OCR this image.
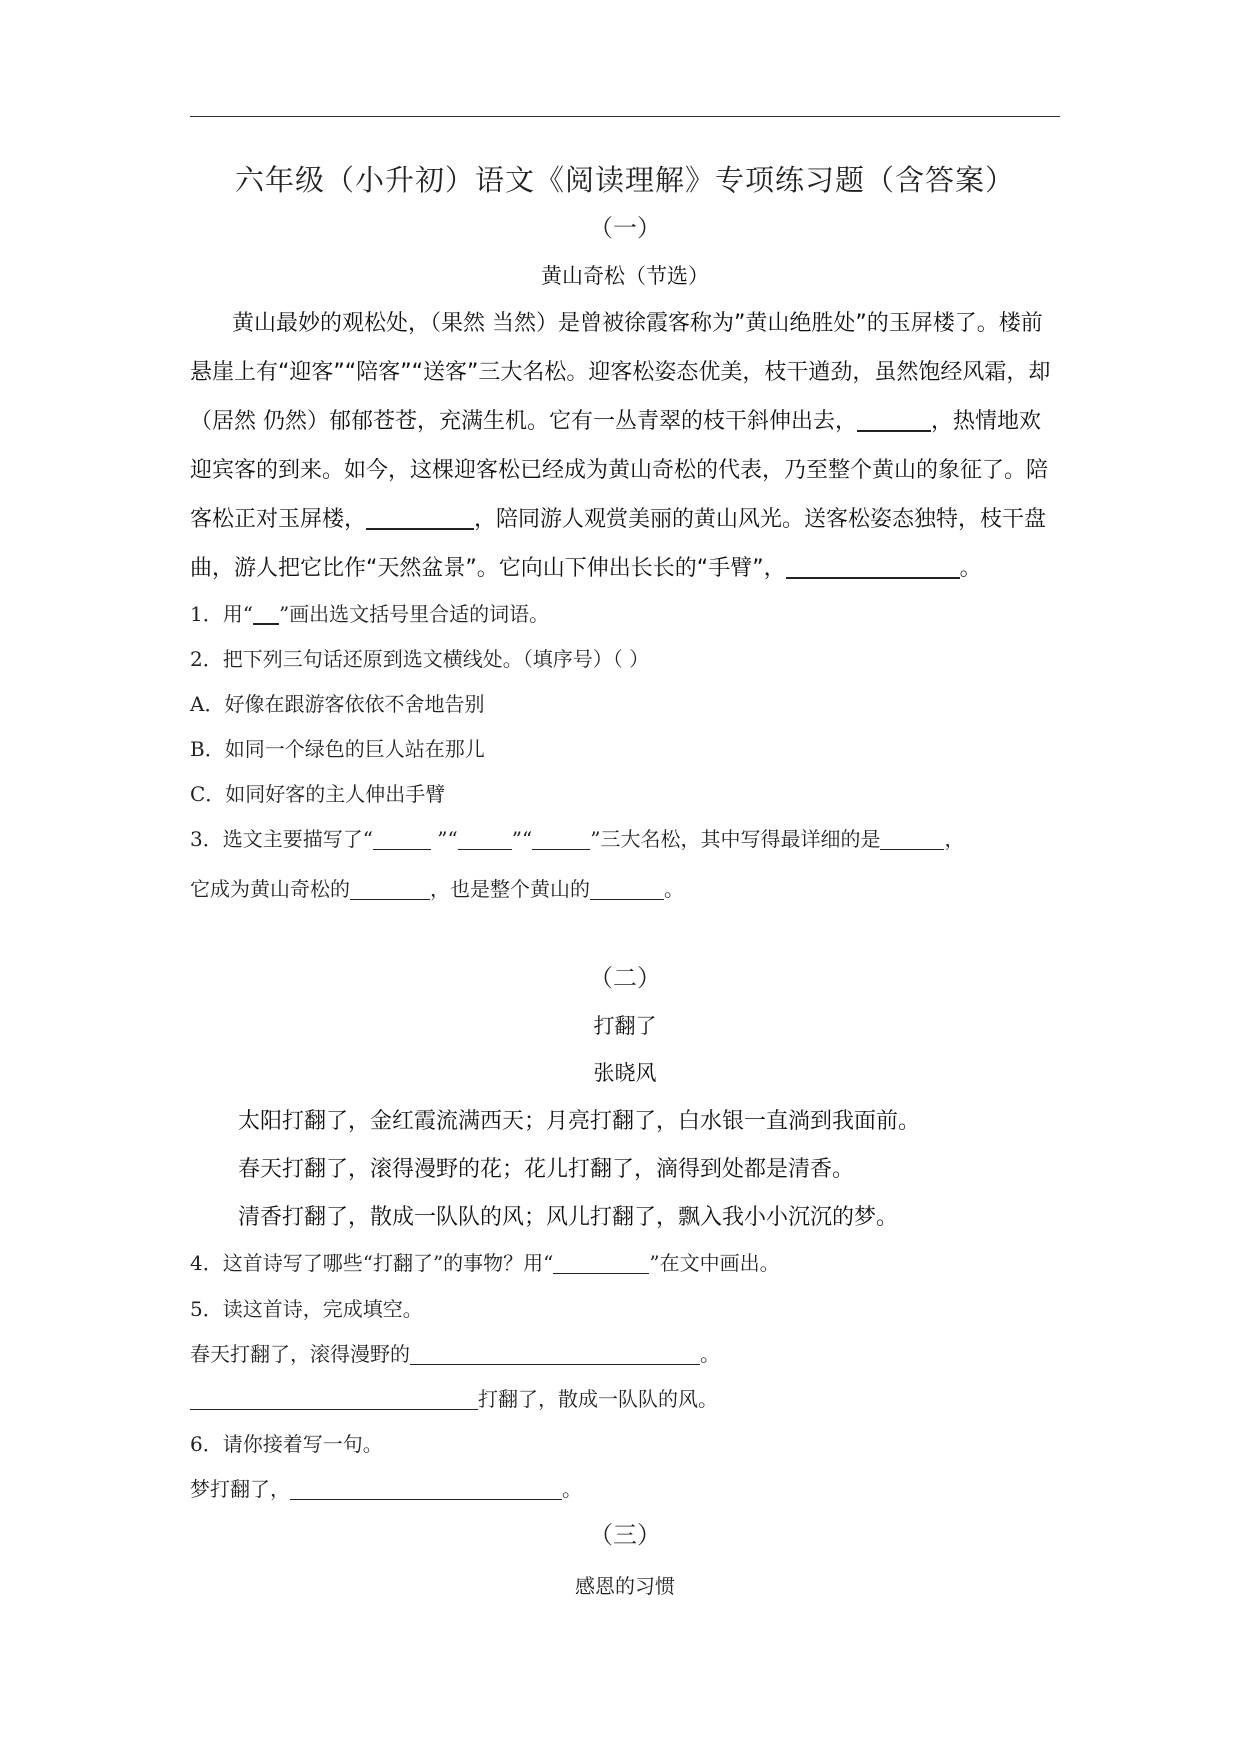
六年级（小升初）语文《阅读理解》专项练习题（含答案）
（一）
黄山奇松（节选）
黄山最妙的观松处，（果然 当然）是曾被徐霞客称为”黄山绝胜处”的玉屏楼了。楼前
悬崖上有“迎客”“陪客”“送客”三大名松。迎客松姿态优美，枝干遒劲，虽然饱经风霜，却
（居然 仍然）郁郁苍苍，充满生机。它有一丛青翠的枝干斜伸出去，	，热情地欢
迎宾客的到来。如今，这棵迎客松已经成为黄山奇松的代表，乃至整个黄山的象征了。陪
客松正对玉屏楼，	，陪同游人观赏美丽的黄山风光。送客松姿态独特，枝干盘
曲，游人把它比作“天然盆景”。它向山下伸出长长的“手臂”，	。
1．用“ ”画出选文括号里合适的词语。
2．把下列三句话还原到选文横线处。（填序号）（ ）
A．好像在跟游客依依不舍地告别
B．如同一个绿色的巨人站在那儿
C．如同好客的主人伸出手臂
3．选文主要描写了“	”“	”“	”三大名松，其中写得最详细的是	，
它成为黄山奇松的	，也是整个黄山的	。
（二）
打翻了
张晓风
太阳打翻了，金红霞流满西天；月亮打翻了，白水银一直淌到我面前。
春天打翻了，滚得漫野的花；花儿打翻了，滴得到处都是清香。
清香打翻了，散成一队队的风；风儿打翻了，飘入我小小沉沉的梦。
4．这首诗写了哪些“打翻了”的事物？用“	”在文中画出。
5．读这首诗，完成填空。
春天打翻了，滚得漫野的	。
打翻了，散成一队队的风。
6．请你接着写一句。
梦打翻了，	。
（三）
感恩的习惯
